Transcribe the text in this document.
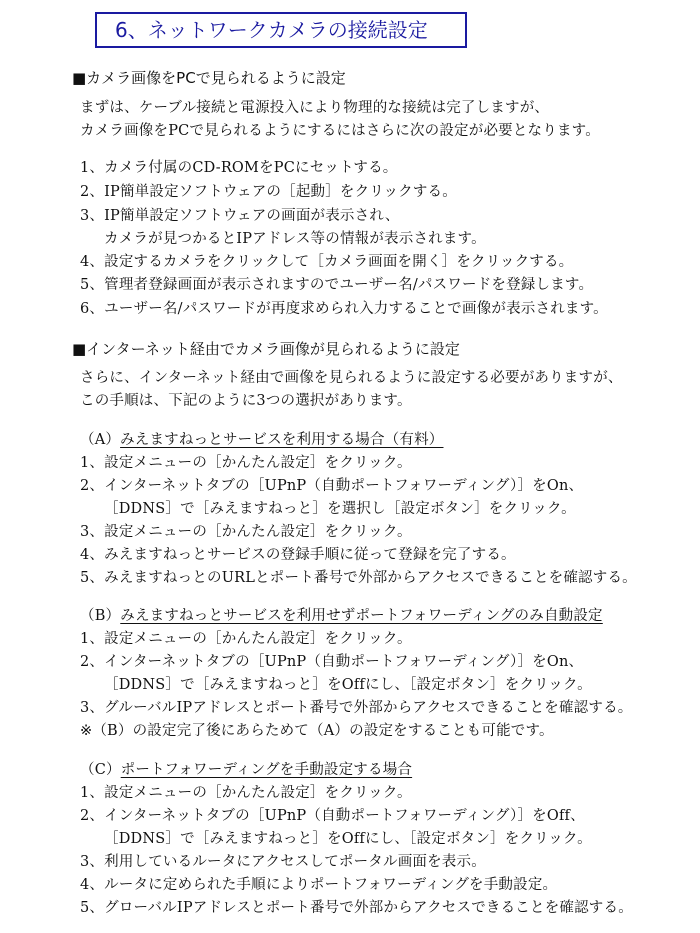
6、ネットワークカメラの接続設定
■カメラ画像をPCで見られるように設定
まずは、ケーブル接続と電源投入により物理的な接続は完了しますが、
カメラ画像をPCで見られるようにするにはさらに次の設定が必要となります。
1、カメラ付属のCD-ROMをPCにセットする。
2、IP簡単設定ソフトウェアの［起動］をクリックする。
3、IP簡単設定ソフトウェアの画面が表示され、
カメラが見つかるとIPアドレス等の情報が表示されます。
4、設定するカメラをクリックして［カメラ画面を開く］をクリックする。
5、管理者登録画面が表示されますのでユーザー名/パスワードを登録します。
6、ユーザー名/パスワードが再度求められ入力することで画像が表示されます。
■インターネット経由でカメラ画像が見られるように設定
さらに、インターネット経由で画像を見られるように設定する必要がありますが、
この手順は、下記のように3つの選択があります。
（A）みえますねっとサービスを利用する場合（有料）
1、設定メニューの［かんたん設定］をクリック。
2、インターネットタブの［UPnP（自動ポートフォワーディング）］をOn、
［DDNS］で［みえますねっと］を選択し［設定ボタン］をクリック。
3、設定メニューの［かんたん設定］をクリック。
4、みえますねっとサービスの登録手順に従って登録を完了する。
5、みえますねっとのURLとポート番号で外部からアクセスできることを確認する。
（B）みえますねっとサービスを利用せずポートフォワーディングのみ自動設定
1、設定メニューの［かんたん設定］をクリック。
2、インターネットタブの［UPnP（自動ポートフォワーディング）］をOn、
［DDNS］で［みえますねっと］をOffにし、［設定ボタン］をクリック。
3、グルーバルIPアドレスとポート番号で外部からアクセスできることを確認する。
※（B）の設定完了後にあらためて（A）の設定をすることも可能です。
（C）ポートフォワーディングを手動設定する場合
1、設定メニューの［かんたん設定］をクリック。
2、インターネットタブの［UPnP（自動ポートフォワーディング）］をOff、
［DDNS］で［みえますねっと］をOffにし、［設定ボタン］をクリック。
3、利用しているルータにアクセスしてポータル画面を表示。
4、ルータに定められた手順によりポートフォワーディングを手動設定。
5、グローバルIPアドレスとポート番号で外部からアクセスできることを確認する。
